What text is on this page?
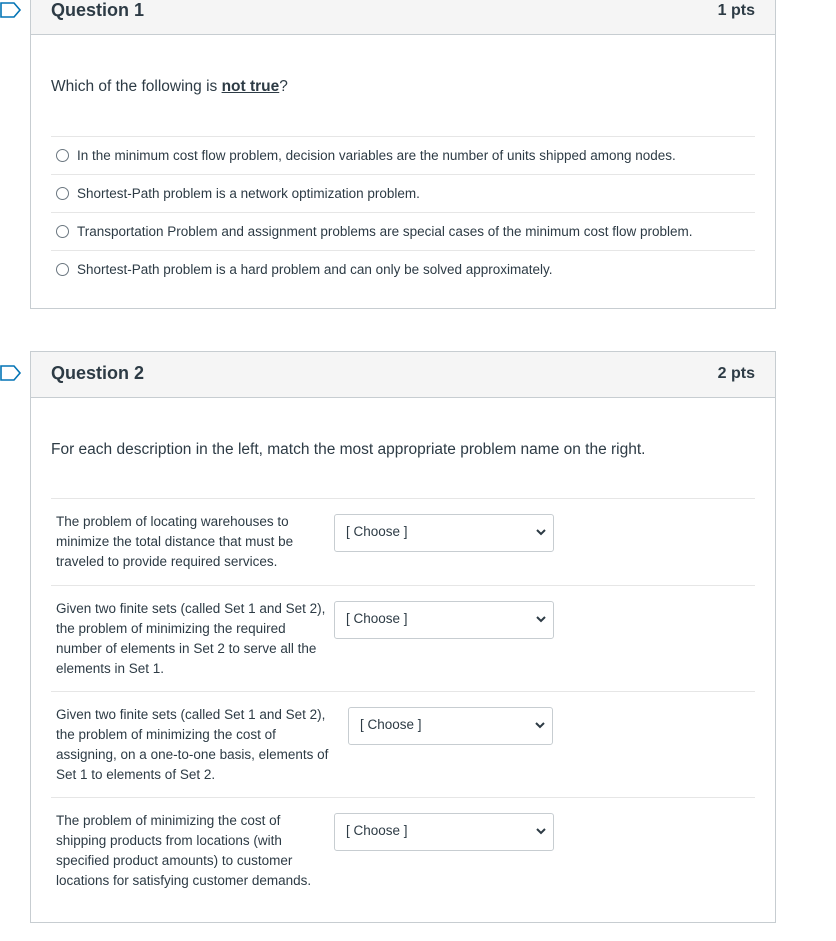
Question 1	1 pts
Which of the following is not true?
In the minimum cost flow problem, decision variables are the number of units shipped among nodes.
Shortest-Path problem is a network optimization problem.
Transportation Problem and assignment problems are special cases of the minimum cost flow problem.
Shortest-Path problem is a hard problem and can only be solved approximately.
Question 2	2 pts
For each description in the left, match the most appropriate problem name on the right.
The problem of locating warehouses to minimize the total distance that must be traveled to provide required services.
[ Choose ]
Given two finite sets (called Set 1 and Set 2), the problem of minimizing the required number of elements in Set 2 to serve all the elements in Set 1.
[ Choose ]
Given two finite sets (called Set 1 and Set 2), the problem of minimizing the cost of assigning, on a one-to-one basis, elements of Set 1 to elements of Set 2.
[ Choose ]
The problem of minimizing the cost of shipping products from locations (with specified product amounts) to customer locations for satisfying customer demands.
[ Choose ]
